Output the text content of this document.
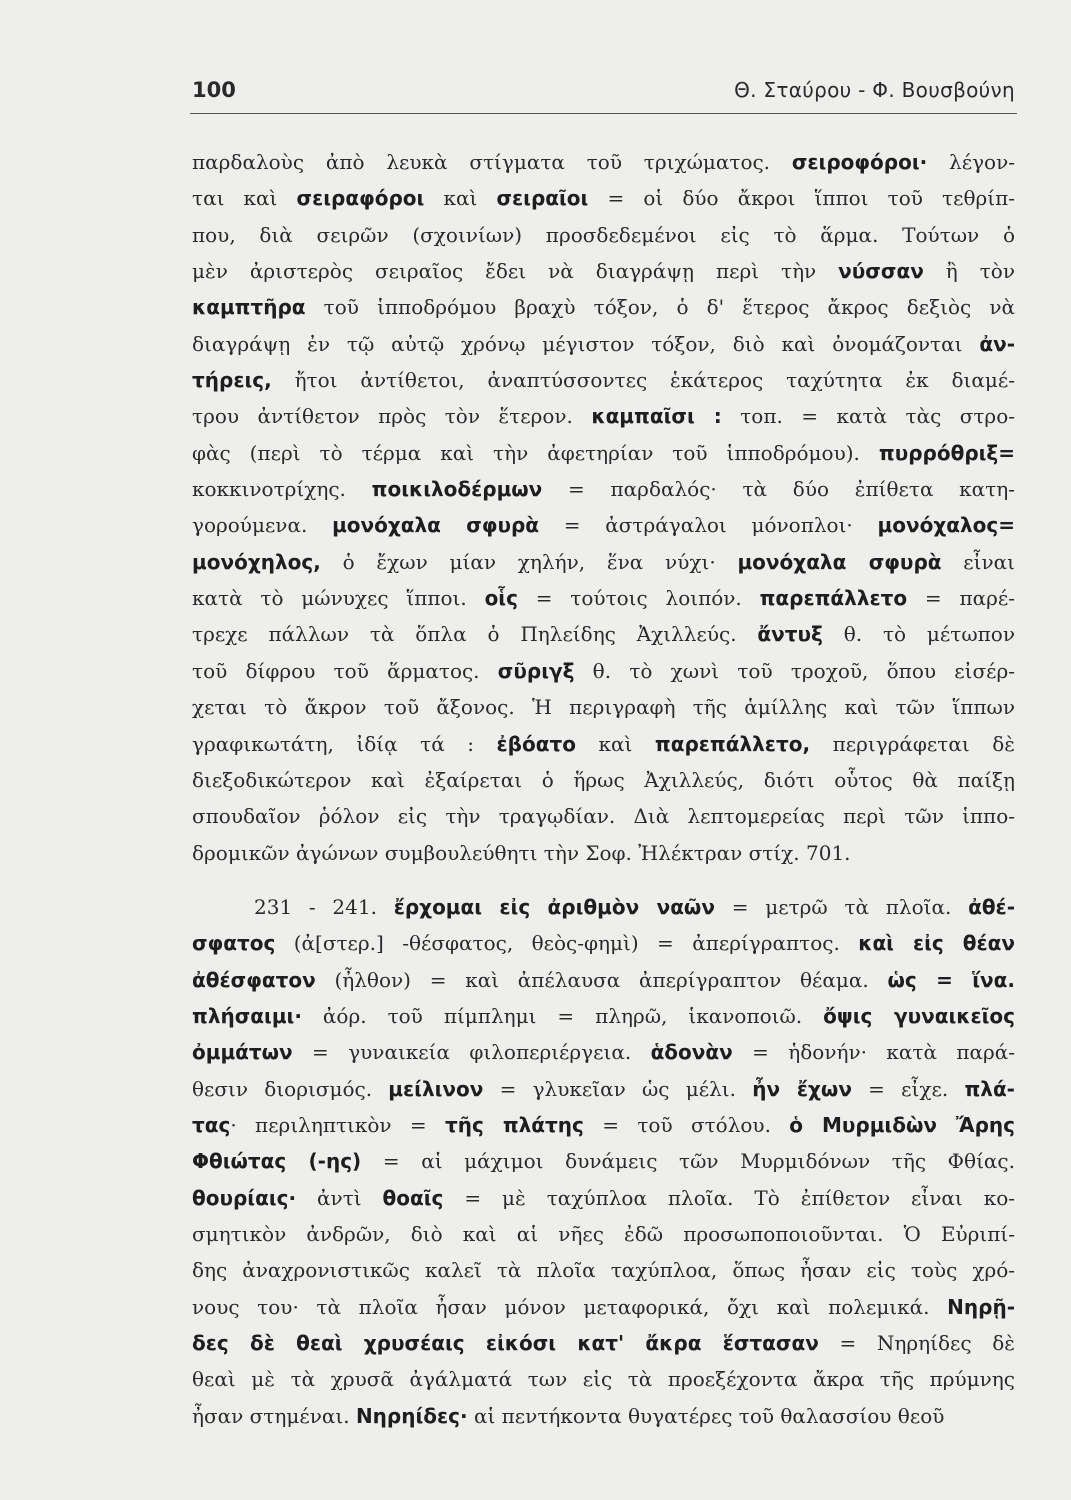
100	Θ. Σταύρου - Φ. Βουσβούνη
παρδαλοὺς ἀπὸ λευκὰ στίγματα τοῦ τριχώματος. σειροφόροι· λέγον-
ται καὶ σειραφόροι καὶ σειραῖοι = οἱ δύο ἄκροι ἵπποι τοῦ τεθρίπ-
που, διὰ σειρῶν (σχοινίων) προσδεδεμένοι εἰς τὸ ἅρμα. Τούτων ὁ
μὲν ἀριστερὸς σειραῖος ἔδει νὰ διαγράψῃ περὶ τὴν νύσσαν ἢ τὸν
καμπτῆρα τοῦ ἱπποδρόμου βραχὺ τόξον, ὁ δ' ἕτερος ἄκρος δεξιὸς νὰ
διαγράψῃ ἐν τῷ αὐτῷ χρόνῳ μέγιστον τόξον, διὸ καὶ ὀνομάζονται ἀν-
τήρεις, ἤτοι ἀντίθετοι, ἀναπτύσσοντες ἑκάτερος ταχύτητα ἐκ διαμέ-
τρου ἀντίθετον πρὸς τὸν ἕτερον. καμπαῖσι : τοπ. = κατὰ τὰς στρο-
φὰς (περὶ τὸ τέρμα καὶ τὴν ἀφετηρίαν τοῦ ἱπποδρόμου). πυρρόθριξ=
κοκκινοτρίχης. ποικιλοδέρμων = παρδαλός· τὰ δύο ἐπίθετα κατη-
γορούμενα. μονόχαλα σφυρὰ = ἀστράγαλοι μόνοπλοι· μονόχαλος=
μονόχηλος, ὁ ἔχων μίαν χηλήν, ἕνα νύχι· μονόχαλα σφυρὰ εἶναι
κατὰ τὸ μώνυχες ἵπποι. οἷς = τούτοις λοιπόν. παρεπάλλετο = παρέ-
τρεχε πάλλων τὰ ὅπλα ὁ Πηλείδης Ἀχιλλεύς. ἄντυξ θ. τὸ μέτωπον
τοῦ δίφρου τοῦ ἅρματος. σῦριγξ θ. τὸ χωνὶ τοῦ τροχοῦ, ὅπου εἰσέρ-
χεται τὸ ἄκρον τοῦ ἄξονος. Ἡ περιγραφὴ τῆς ἁμίλλης καὶ τῶν ἵππων
γραφικωτάτη, ἰδίᾳ τά : ἐβόατο καὶ παρεπάλλετο, περιγράφεται δὲ
διεξοδικώτερον καὶ ἐξαίρεται ὁ ἥρως Ἀχιλλεύς, διότι οὗτος θὰ παίξῃ
σπουδαῖον ῥόλον εἰς τὴν τραγῳδίαν. Διὰ λεπτομερείας περὶ τῶν ἱππο-
δρομικῶν ἀγώνων συμβουλεύθητι τὴν Σοφ. Ἠλέκτραν στίχ. 701.
231 - 241. ἔρχομαι εἰς ἀριθμὸν ναῶν = μετρῶ τὰ πλοῖα. ἀθέ-
σφατος (ἀ[στερ.] -θέσφατος, θεὸς-φημὶ) = ἀπερίγραπτος. καὶ εἰς θέαν
ἀθέσφατον (ἦλθον) = καὶ ἀπέλαυσα ἀπερίγραπτον θέαμα. ὡς = ἵνα.
πλήσαιμι· ἀόρ. τοῦ πίμπλημι = πληρῶ, ἱκανοποιῶ. ὄψις γυναικεῖος
ὀμμάτων = γυναικεία φιλοπεριέργεια. ἁδονὰν = ἡδονήν· κατὰ παρά-
θεσιν διορισμός. μείλινον = γλυκεῖαν ὡς μέλι. ἦν ἔχων = εἶχε. πλά-
τας· περιληπτικὸν = τῆς πλάτης = τοῦ στόλου. ὁ Μυρμιδὼν Ἄρης
Φθιώτας (-ης) = αἱ μάχιμοι δυνάμεις τῶν Μυρμιδόνων τῆς Φθίας.
θουρίαις· ἀντὶ θοαῖς = μὲ ταχύπλοα πλοῖα. Τὸ ἐπίθετον εἶναι κο-
σμητικὸν ἀνδρῶν, διὸ καὶ αἱ νῆες ἐδῶ προσωποποιοῦνται. Ὁ Εὐριπί-
δης ἀναχρονιστικῶς καλεῖ τὰ πλοῖα ταχύπλοα, ὅπως ἦσαν εἰς τοὺς χρό-
νους του· τὰ πλοῖα ἦσαν μόνον μεταφορικά, ὄχι καὶ πολεμικά. Νηρῇ-
δες δὲ θεαὶ χρυσέαις εἰκόσι κατ' ἄκρα ἕστασαν = Νηρηίδες δὲ
θεαὶ μὲ τὰ χρυσᾶ ἀγάλματά των εἰς τὰ προεξέχοντα ἄκρα τῆς πρύμνης
ἦσαν στημέναι. Νηρηίδες· αἱ πεντήκοντα θυγατέρες τοῦ θαλασσίου θεοῦ
